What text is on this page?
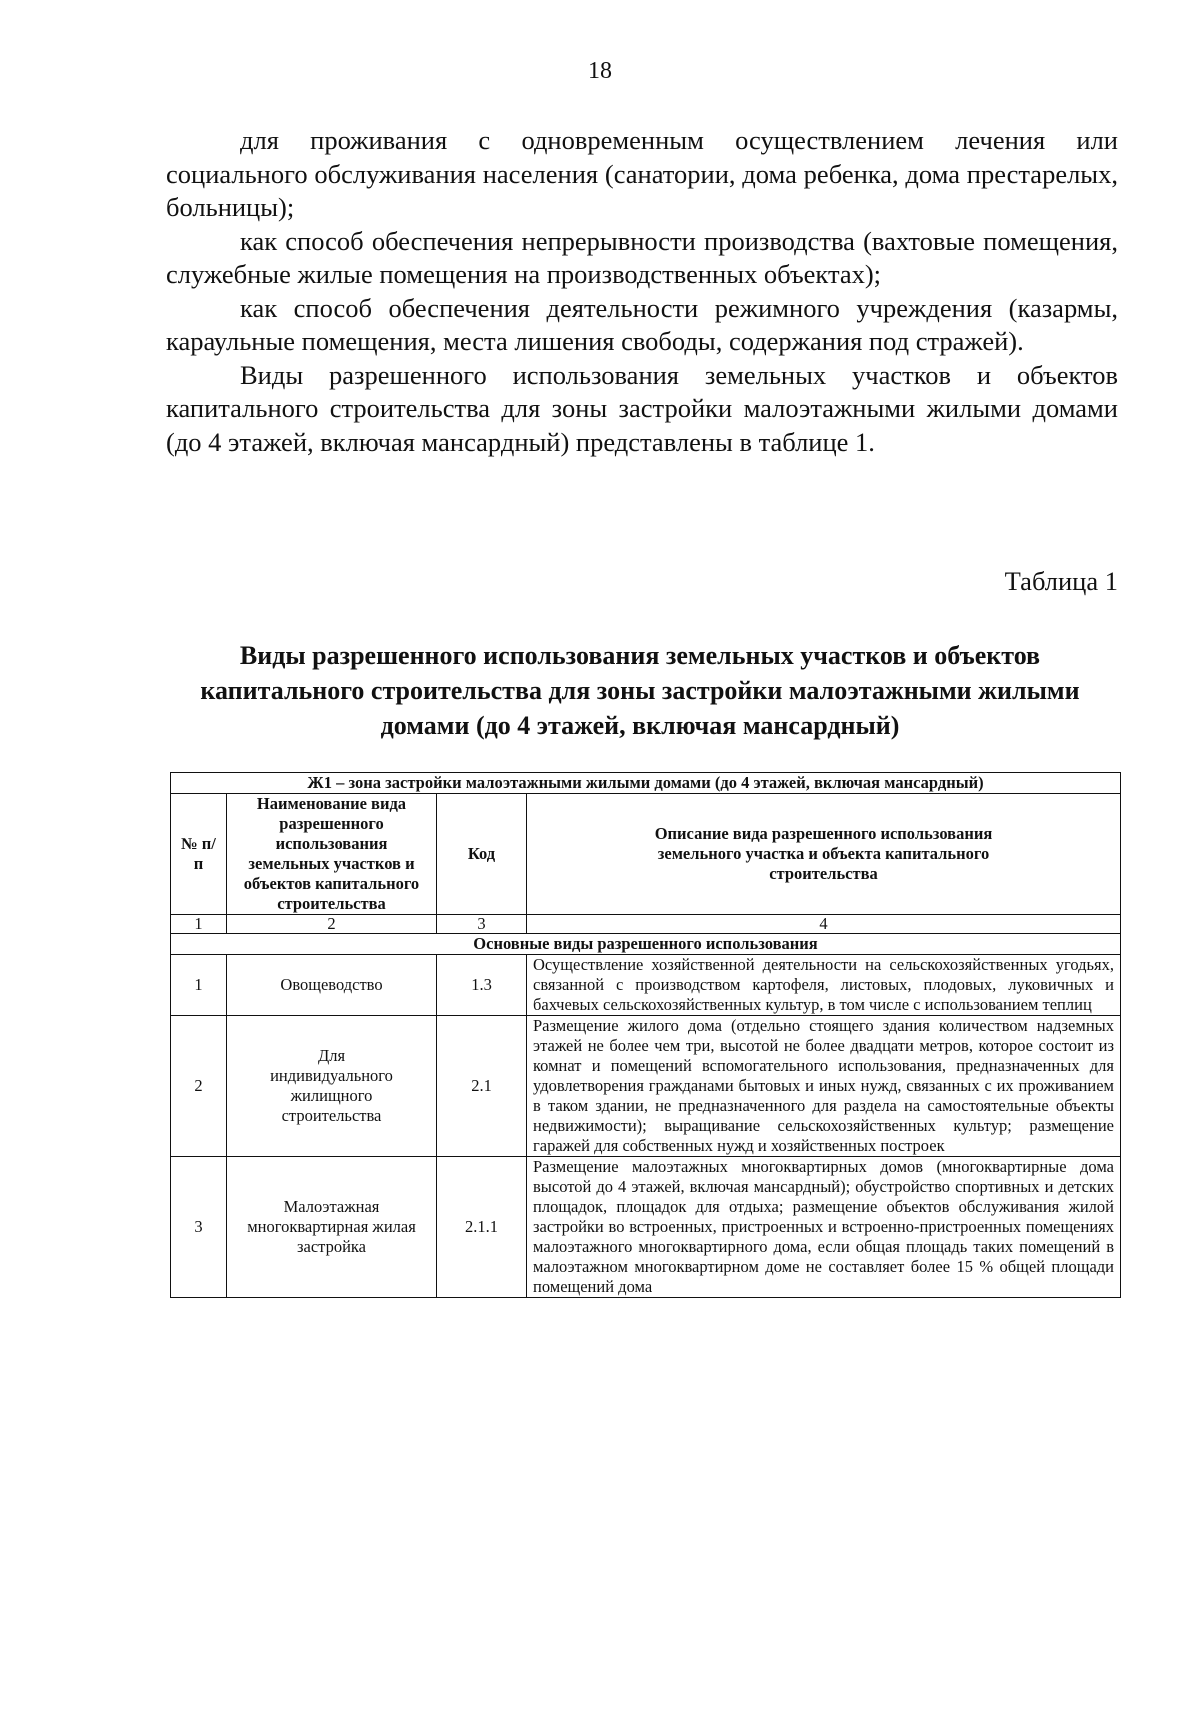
18

для проживания с одновременным осуществлением лечения или социального обслуживания населения (санатории, дома ребенка, дома престарелых, больницы);

как способ обеспечения непрерывности производства (вахтовые помещения, служебные жилые помещения на производственных объектах);

как способ обеспечения деятельности режимного учреждения (казармы, караульные помещения, места лишения свободы, содержания под стражей).

Виды разрешенного использования земельных участков и объектов капитального строительства для зоны застройки малоэтажными жилыми домами (до 4 этажей, включая мансардный) представлены в таблице 1.

Таблица 1
Виды разрешенного использования земельных участков и объектов капитального строительства для зоны застройки малоэтажными жилыми домами (до 4 этажей, включая мансардный)
Ж1 – зона застройки малоэтажными жилыми домами (до 4 этажей, включая мансардный)			
№ п/п	Наименование вида разрешенного использования земельных участков и объектов капитального строительства	Код	Описание вида разрешенного использования земельного участка и объекта капитального строительства
1	2	3	4
Основные виды разрешенного использования			
1	Овощеводство	1.3	Осуществление хозяйственной деятельности на сельскохозяйственных угодьях, связанной с производством картофеля, листовых, плодовых, луковичных и бахчевых сельскохозяйственных культур, в том числе с использованием теплиц
2	Для индивидуального жилищного строительства	2.1	Размещение жилого дома (отдельно стоящего здания количеством надземных этажей не более чем три, высотой не более двадцати метров, которое состоит из комнат и помещений вспомогательного использования, предназначенных для удовлетворения гражданами бытовых и иных нужд, связанных с их проживанием в таком здании, не предназначенного для раздела на самостоятельные объекты недвижимости); выращивание сельскохозяйственных культур; размещение гаражей для собственных нужд и хозяйственных построек
3	Малоэтажная многоквартирная жилая застройка	2.1.1	Размещение малоэтажных многоквартирных домов (многоквартирные дома высотой до 4 этажей, включая мансардный); обустройство спортивных и детских площадок, площадок для отдыха; размещение объектов обслуживания жилой застройки во встроенных, пристроенных и встроенно-пристроенных помещениях малоэтажного многоквартирного дома, если общая площадь таких помещений в малоэтажном многоквартирном доме не составляет более 15 % общей площади помещений дома
